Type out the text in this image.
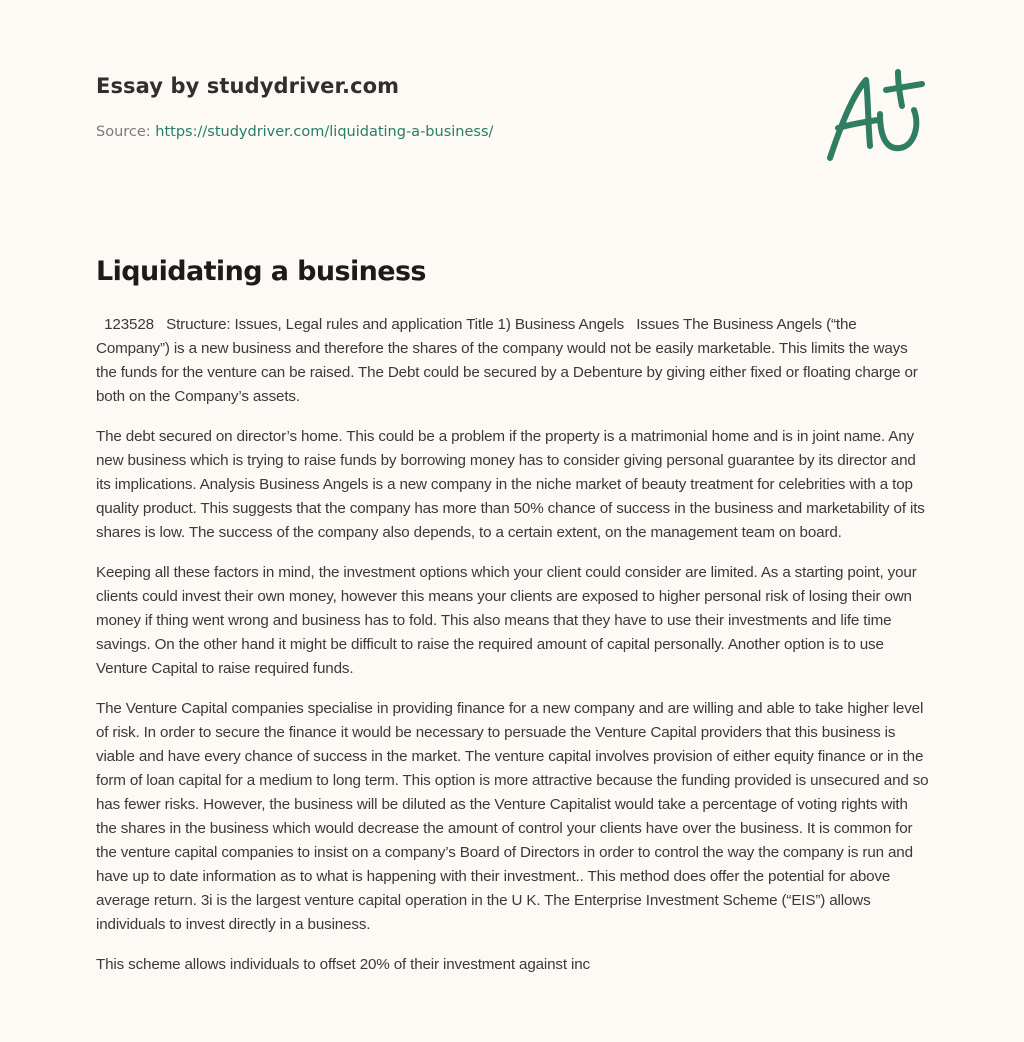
Essay by studydriver.com
Source: https://studydriver.com/liquidating-a-business/
Liquidating a business

123528   Structure: Issues, Legal rules and application Title 1) Business Angels   Issues The Business Angels (“the Company”) is a new business and therefore the shares of the company would not be easily marketable. This limits the ways the funds for the venture can be raised. The Debt could be secured by a Debenture by giving either fixed or floating charge or both on the Company’s assets.

The debt secured on director’s home. This could be a problem if the property is a matrimonial home and is in joint name. Any new business which is trying to raise funds by borrowing money has to consider giving personal guarantee by its director and its implications. Analysis Business Angels is a new company in the niche market of beauty treatment for celebrities with a top quality product. This suggests that the company has more than 50% chance of success in the business and marketability of its shares is low. The success of the company also depends, to a certain extent, on the management team on board.

Keeping all these factors in mind, the investment options which your client could consider are limited. As a starting point, your clients could invest their own money, however this means your clients are exposed to higher personal risk of losing their own money if thing went wrong and business has to fold. This also means that they have to use their investments and life time savings. On the other hand it might be difficult to raise the required amount of capital personally. Another option is to use Venture Capital to raise required funds.

The Venture Capital companies specialise in providing finance for a new company and are willing and able to take higher level of risk. In order to secure the finance it would be necessary to persuade the Venture Capital providers that this business is viable and have every chance of success in the market. The venture capital involves provision of either equity finance or in the form of loan capital for a medium to long term. This option is more attractive because the funding provided is unsecured and so has fewer risks. However, the business will be diluted as the Venture Capitalist would take a percentage of voting rights with the shares in the business which would decrease the amount of control your clients have over the business. It is common for the venture capital companies to insist on a company’s Board of Directors in order to control the way the company is run and have up to date information as to what is happening with their investment.. This method does offer the potential for above average return. 3i is the largest venture capital operation in the U K. The Enterprise Investment Scheme (“EIS”) allows individuals to invest directly in a business.

This scheme allows individuals to offset 20% of their investment against inc
